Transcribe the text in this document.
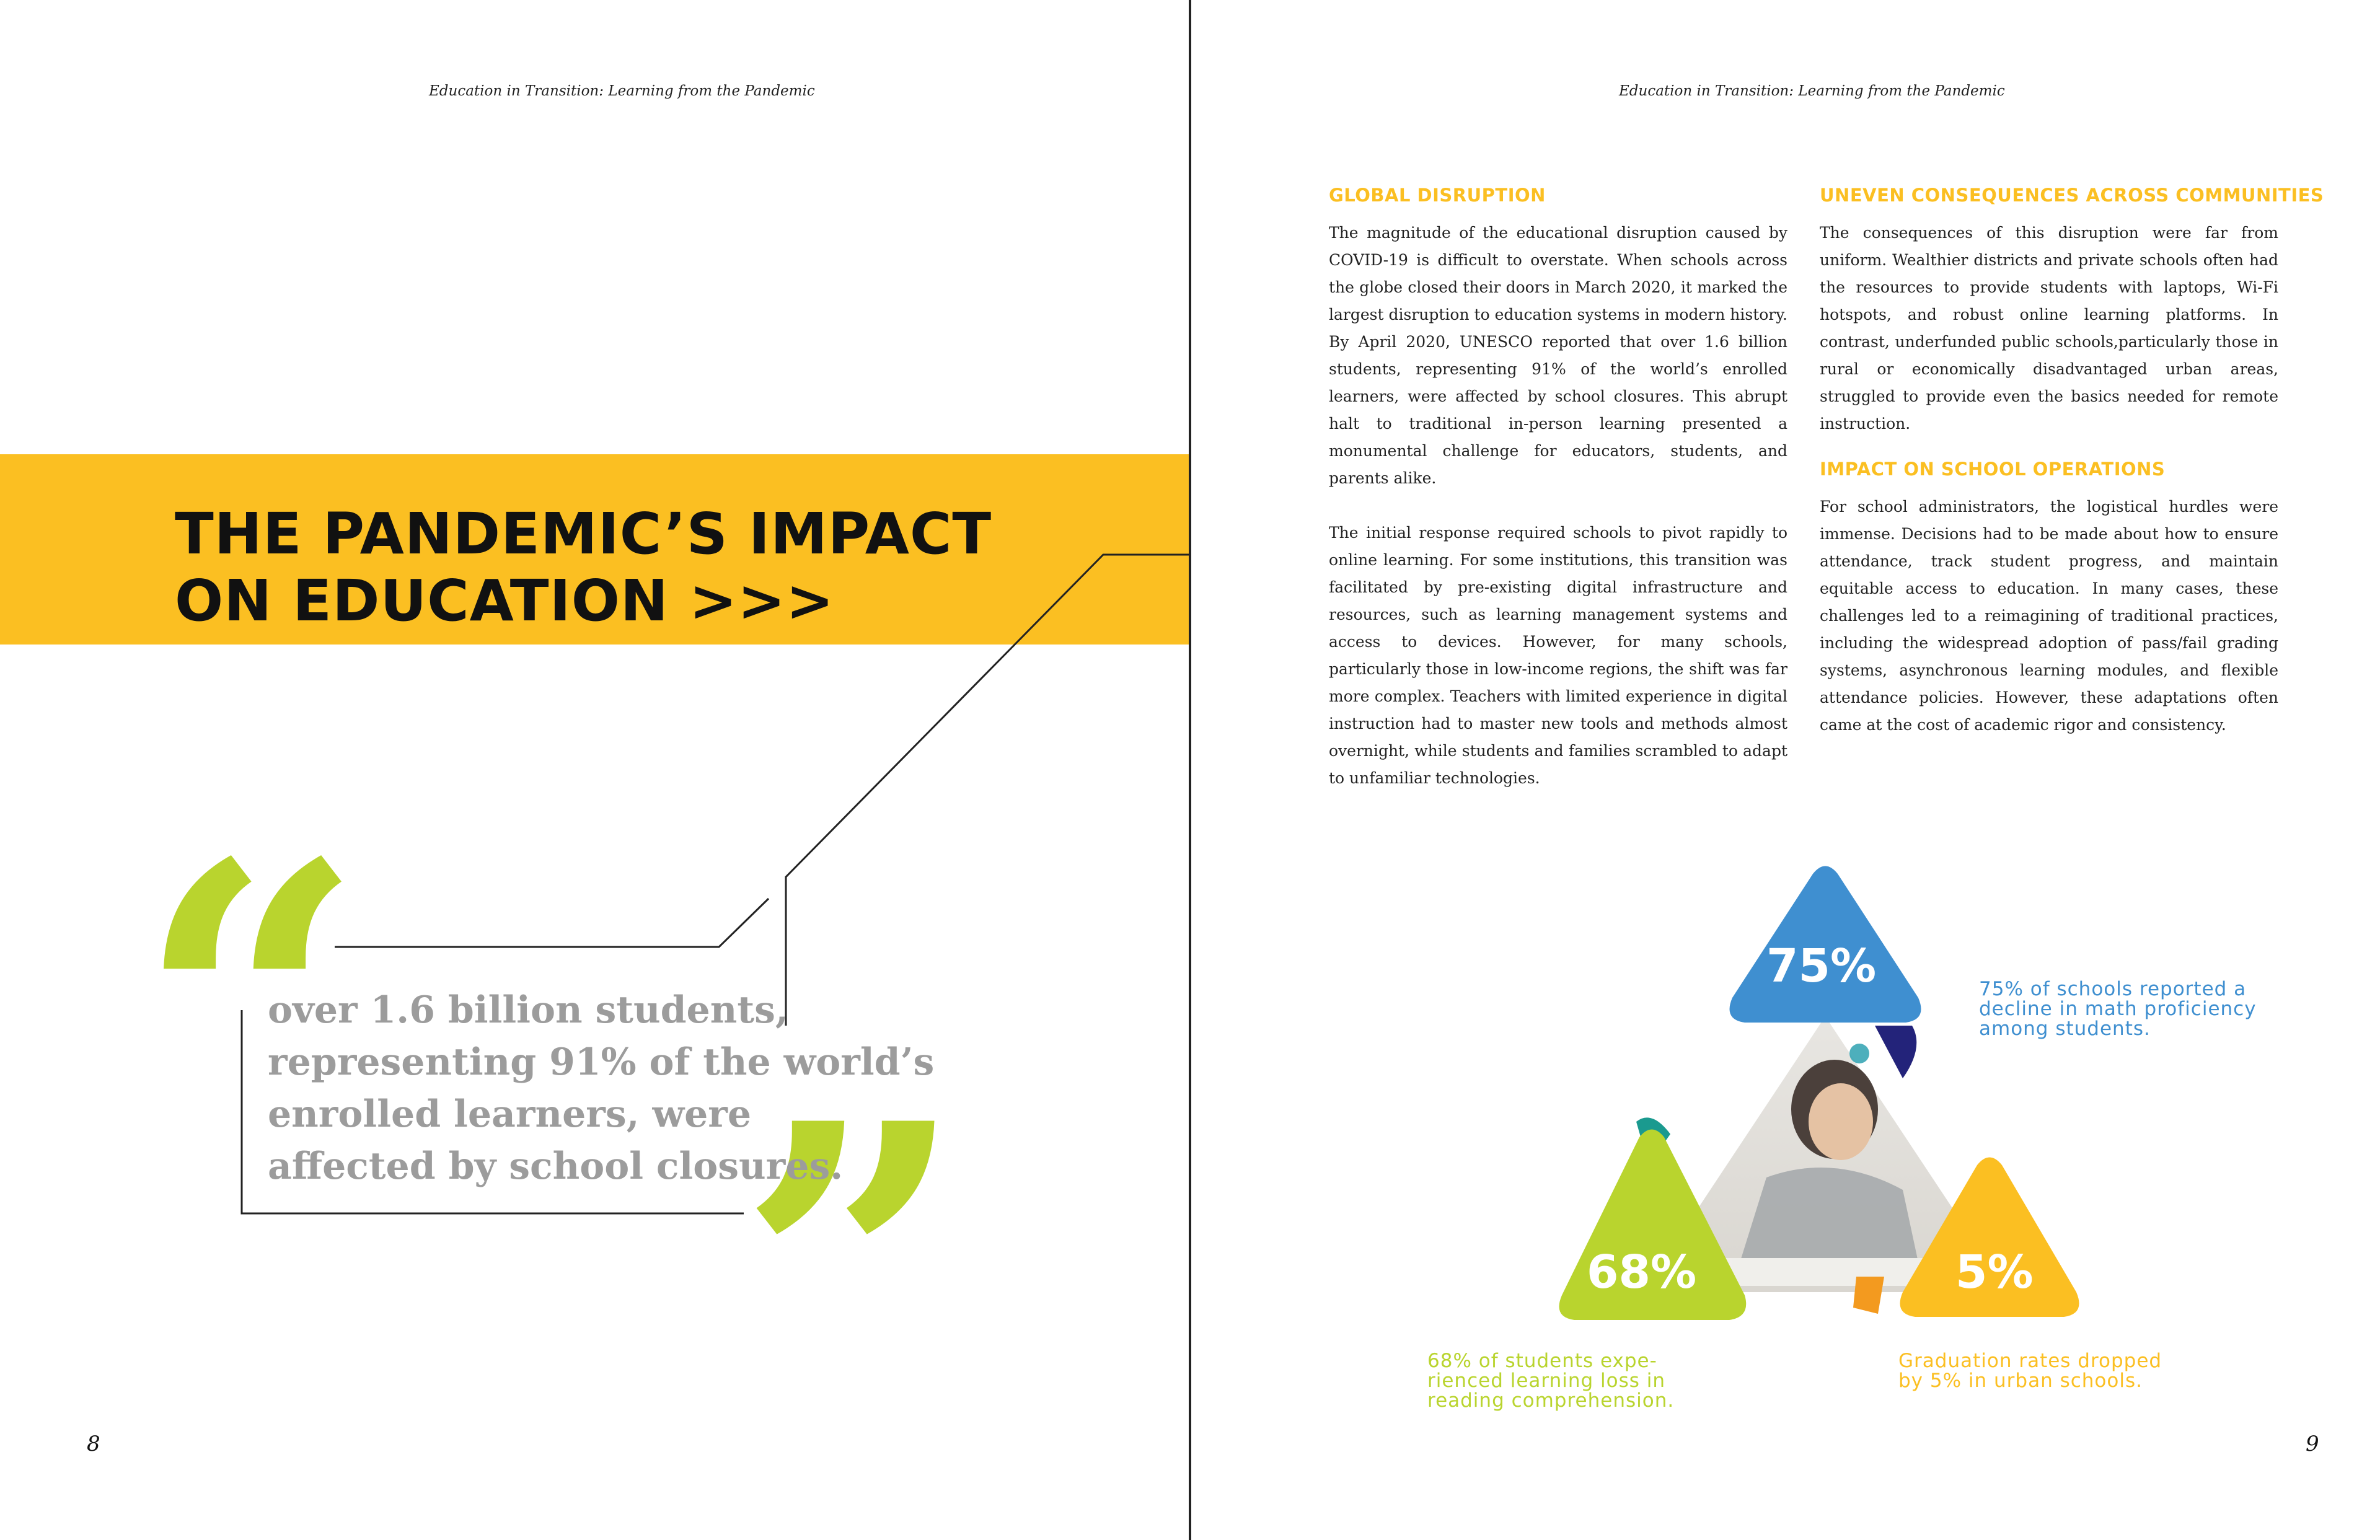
Education in Transition: Learning from the Pandemic
THE PANDEMIC’S IMPACT
ON EDUCATION >>>
“
”
over 1.6 billion students,
representing 91% of the world’s
enrolled learners, were
affected by school closures.
8
Education in Transition: Learning from the Pandemic
GLOBAL DISRUPTION

The magnitude of the educational disruption caused by COVID-19 is difficult to overstate. When schools across the globe closed their doors in March 2020, it marked the largest disruption to education systems in modern history. By April 2020, UNESCO reported that over 1.6 billion students, representing 91% of the world’s enrolled learners, were affected by school closures. This abrupt halt to traditional in-person learning presented a monumental challenge for educators, students, and parents alike.

The initial response required schools to pivot rapidly to online learning. For some institutions, this transition was facilitated by pre-existing digital infrastructure and resources, such as learning management systems and access to devices. However, for many schools, particularly those in low-income regions, the shift was far more complex. Teachers with limited experience in digital instruction had to master new tools and methods almost overnight, while students and families scrambled to adapt to unfamiliar technologies.

UNEVEN CONSEQUENCES ACROSS COMMUNITIES

The consequences of this disruption were far from uniform. Wealthier districts and private schools often had the resources to provide students with laptops, Wi-Fi hotspots, and robust online learning platforms. In contrast, underfunded public schools,particularly those in rural or economically disadvantaged urban areas, struggled to provide even the basics needed for remote instruction.

IMPACT ON SCHOOL OPERATIONS

For school administrators, the logistical hurdles were immense. Decisions had to be made about how to ensure attendance, track student progress, and maintain equitable access to education. In many cases, these challenges led to a reimagining of traditional practices, including the widespread adoption of pass/fail grading systems, asynchronous learning modules, and flexible attendance policies. However, these adaptations often came at the cost of academic rigor and consistency.

75%
68%	5%
75% of schools reported a
decline in math proficiency
among students.
68% of students expe-
rienced learning loss in
reading comprehension.
Graduation rates dropped
by 5% in urban schools.
9
